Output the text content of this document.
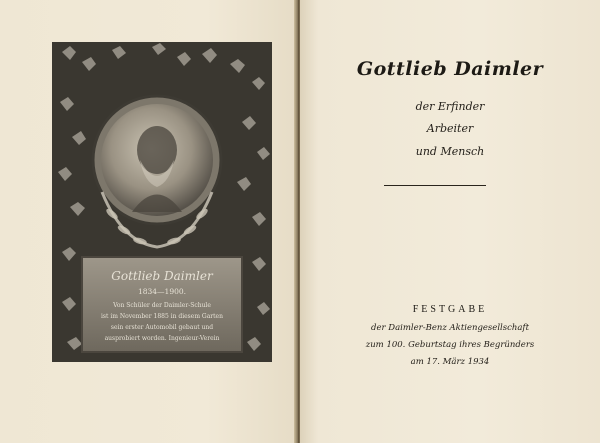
Gottlieb Daimler
1834—1900.
Von Schüler der Daimler-Schule
ist im November 1885 in diesem Garten
sein erster Automobil gebaut und
ausprobiert worden. Ingenieur-Verein
Gottlieb Daimler
der Erfinder
Arbeiter
und Mensch
FESTGABE
der Daimler-Benz Aktiengesellschaft
zum 100. Geburtstag ihres Begründers
am 17. März 1934
